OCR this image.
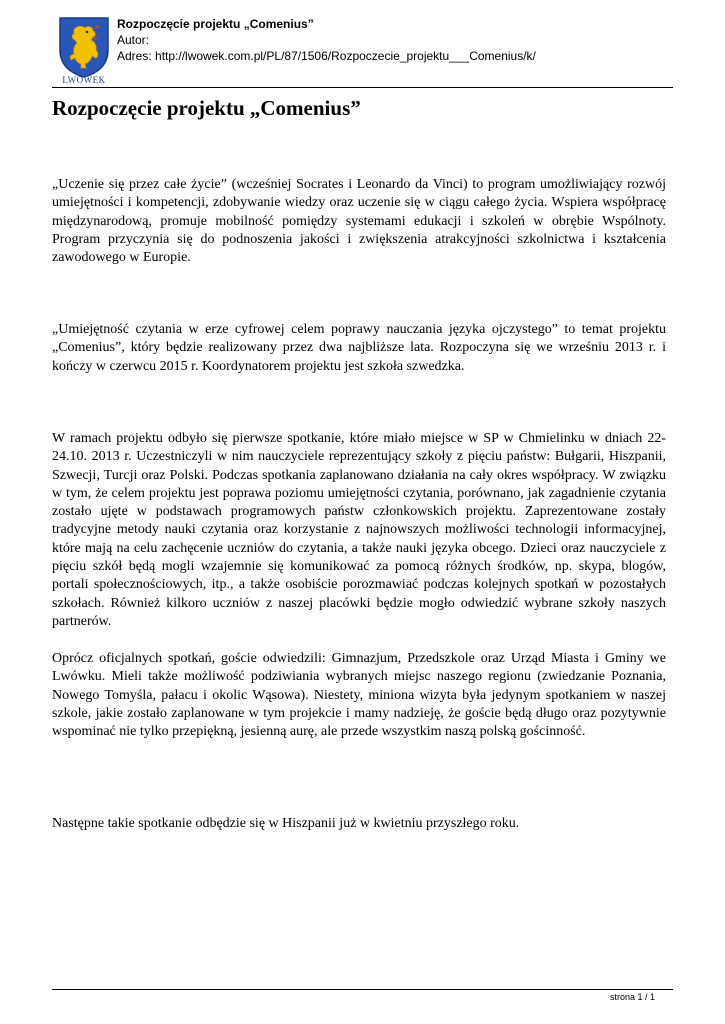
LWÓWEK
Rozpoczęcie projektu „Comenius”
Autor:
Adres: http://lwowek.com.pl/PL/87/1506/Rozpoczecie_projektu___Comenius/k/
Rozpoczęcie projektu „Comenius”

„Uczenie się przez całe życie” (wcześniej Socrates i Leonardo da Vinci) to program umożliwiający rozwój umiejętności i kompetencji, zdobywanie wiedzy oraz uczenie się w ciągu całego życia. Wspiera współpracę międzynarodową, promuje mobilność pomiędzy systemami edukacji i szkoleń w obrębie Wspólnoty. Program przyczynia się do podnoszenia jakości i zwiększenia atrakcyjności szkolnictwa i kształcenia zawodowego w Europie.

„Umiejętność czytania w erze cyfrowej celem poprawy nauczania języka ojczystego” to temat projektu „Comenius”, który będzie realizowany przez dwa najbliższe lata. Rozpoczyna się we wrześniu 2013 r. i kończy w czerwcu 2015 r. Koordynatorem projektu jest szkoła szwedzka.

W ramach projektu odbyło się pierwsze spotkanie, które miało miejsce w SP w Chmielinku w dniach 22-24.10. 2013 r. Uczestniczyli w nim nauczyciele reprezentujący szkoły z pięciu państw: Bułgarii, Hiszpanii, Szwecji, Turcji oraz Polski. Podczas spotkania zaplanowano działania na cały okres współpracy. W związku w tym, że celem projektu jest poprawa poziomu umiejętności czytania, porównano, jak zagadnienie czytania zostało ujęte w podstawach programowych państw członkowskich projektu. Zaprezentowane zostały tradycyjne metody nauki czytania oraz korzystanie z najnowszych możliwości technologii informacyjnej, które mają na celu zachęcenie uczniów do czytania, a także nauki języka obcego. Dzieci oraz nauczyciele z pięciu szkół będą mogli wzajemnie się komunikować za pomocą różnych środków, np. skypa, blogów, portali społecznościowych, itp., a także osobiście porozmawiać podczas kolejnych spotkań w pozostałych szkołach. Również kilkoro uczniów z naszej placówki będzie mogło odwiedzić wybrane szkoły naszych partnerów.

Oprócz oficjalnych spotkań, goście odwiedzili: Gimnazjum, Przedszkole oraz Urząd Miasta i Gminy we Lwówku. Mieli także możliwość podziwiania wybranych miejsc naszego regionu (zwiedzanie Poznania, Nowego Tomyśla, pałacu i okolic Wąsowa). Niestety, miniona wizyta była jedynym spotkaniem w naszej szkole, jakie zostało zaplanowane w tym projekcie i mamy nadzieję, że goście będą długo oraz pozytywnie wspominać nie tylko przepiękną, jesienną aurę, ale przede wszystkim naszą polską gościnność.

Następne takie spotkanie odbędzie się w Hiszpanii już w kwietniu przyszłego roku.

strona 1 / 1
